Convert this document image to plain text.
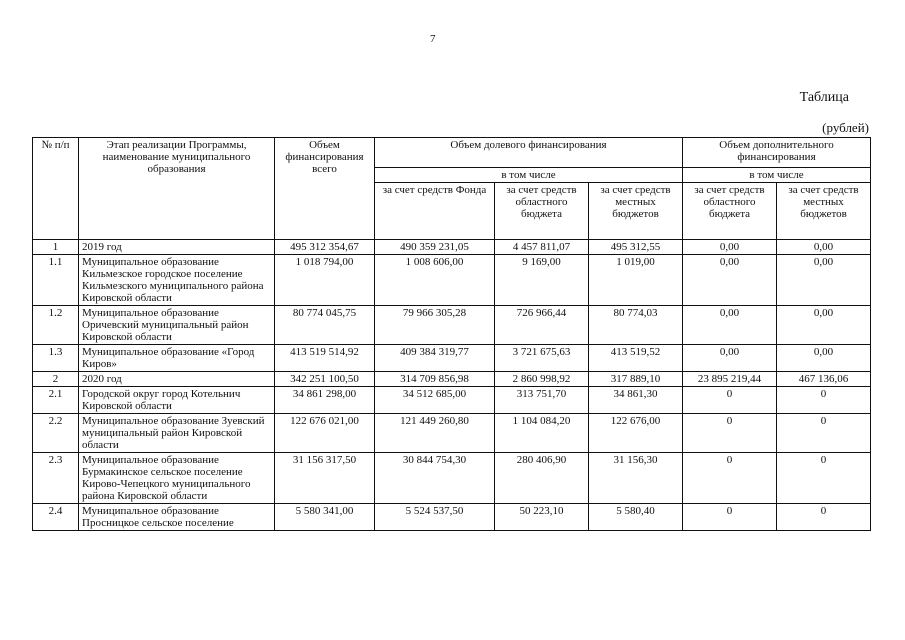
7
Таблица
(рублей)
№ п/п	Этап реализации Программы, наименование муниципального образования	Объем финансирования всего	Объем долевого финансирования			Объем дополнительного финансирования	
			в том числе			в том числе	
			за счет средств Фонда	за счет средств областного бюджета	за счет средств местных бюджетов	за счет средств областного бюджета	за счет средств местных бюджетов
1	2019 год	495 312 354,67	490 359 231,05	4 457 811,07	495 312,55	0,00	0,00
1.1	Муниципальное образование Кильмезское городское поселение Кильмезского муниципального района Кировской области	1 018 794,00	1 008 606,00	9 169,00	1 019,00	0,00	0,00
1.2	Муниципальное образование Оричевский муниципальный район Кировской области	80 774 045,75	79 966 305,28	726 966,44	80 774,03	0,00	0,00
1.3	Муниципальное образование «Город Киров»	413 519 514,92	409 384 319,77	3 721 675,63	413 519,52	0,00	0,00
2	2020 год	342 251 100,50	314 709 856,98	2 860 998,92	317 889,10	23 895 219,44	467 136,06
2.1	Городской округ город Котельнич Кировской области	34 861 298,00	34 512 685,00	313 751,70	34 861,30	0	0
2.2	Муниципальное образование Зуевский муниципальный район Кировской области	122 676 021,00	121 449 260,80	1 104 084,20	122 676,00	0	0
2.3	Муниципальное образование Бурмакинское сельское поселение Кирово-Чепецкого муниципального района Кировской области	31 156 317,50	30 844 754,30	280 406,90	31 156,30	0	0
2.4	Муниципальное образование Просницкое сельское поселение	5 580 341,00	5 524 537,50	50 223,10	5 580,40	0	0
